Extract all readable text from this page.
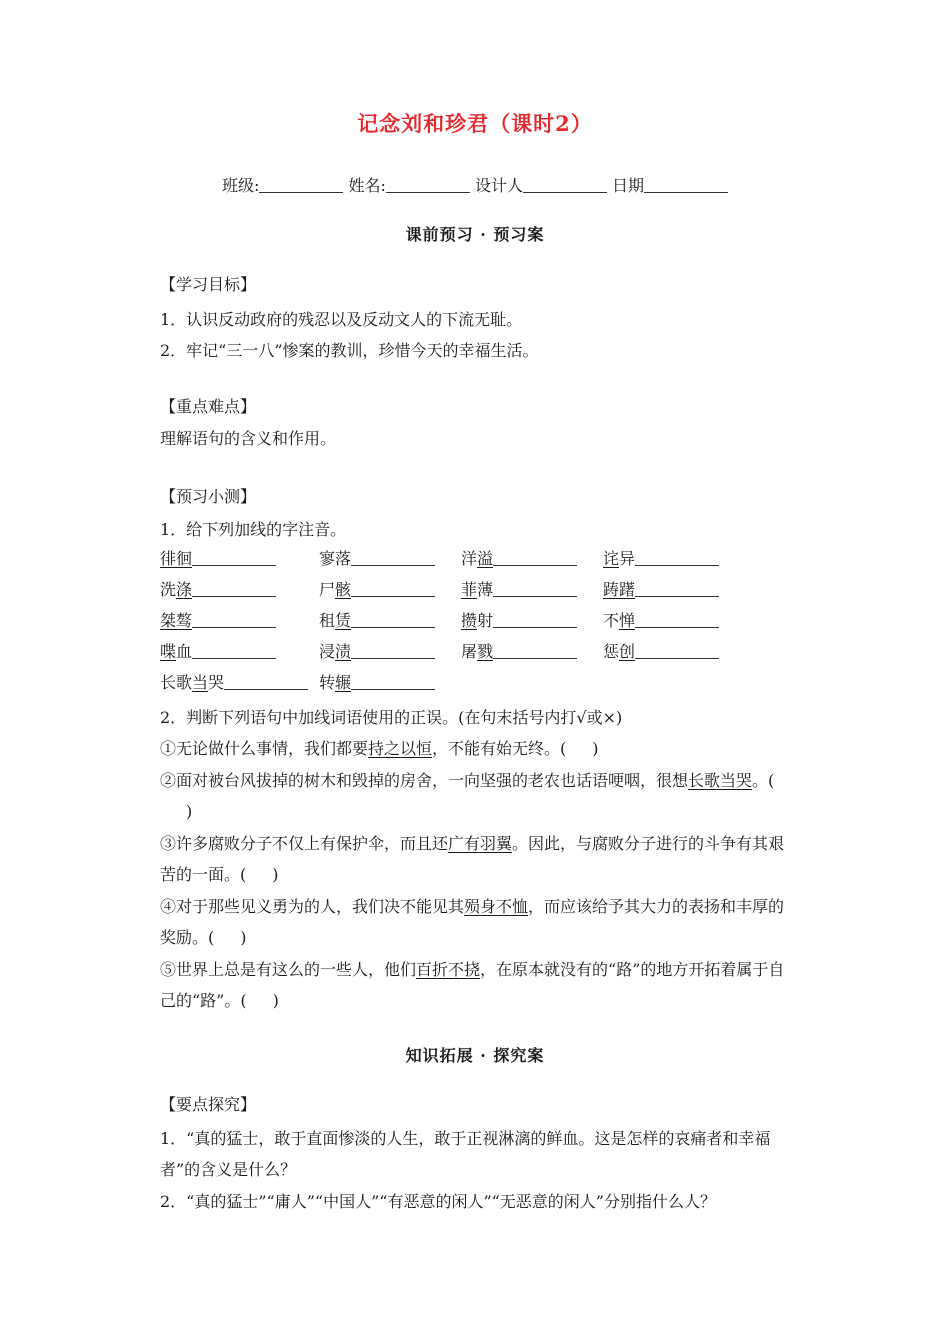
记念刘和珍君（课时2）
班级:	姓名:	设计人	日期
课前预习 · 预习案
【学习目标】
1．认识反动政府的残忍以及反动文人的下流无耻。
2．牢记“三一八”惨案的教训，珍惜今天的幸福生活。
【重点难点】
理解语句的含义和作用。
【预习小测】
1．给下列加线的字注音。
徘徊	寥落	洋溢	诧异
洗涤	尸骸	菲薄	踌躇
桀骜	租赁	攒射	不惮
喋血	浸渍	屠戮	惩创
长歌当哭	转辗
2．判断下列语句中加线词语使用的正误。(在句末括号内打√或×)
①无论做什么事情，我们都要持之以恒，不能有始无终。( )
②面对被台风拔掉的树木和毁掉的房舍，一向坚强的老农也话语哽咽，很想长歌当哭。()
③许多腐败分子不仅上有保护伞，而且还广有羽翼。因此，与腐败分子进行的斗争有其艰苦的一面。( )
④对于那些见义勇为的人，我们决不能见其殒身不恤，而应该给予其大力的表扬和丰厚的奖励。( )
⑤世界上总是有这么的一些人，他们百折不挠，在原本就没有的“路”的地方开拓着属于自己的“路”。( )
知识拓展 · 探究案
【要点探究】
1．“真的猛士，敢于直面惨淡的人生，敢于正视淋漓的鲜血。这是怎样的哀痛者和幸福者”的含义是什么？
2．“真的猛士”“庸人”“中国人”“有恶意的闲人”“无恶意的闲人”分别指什么人？
